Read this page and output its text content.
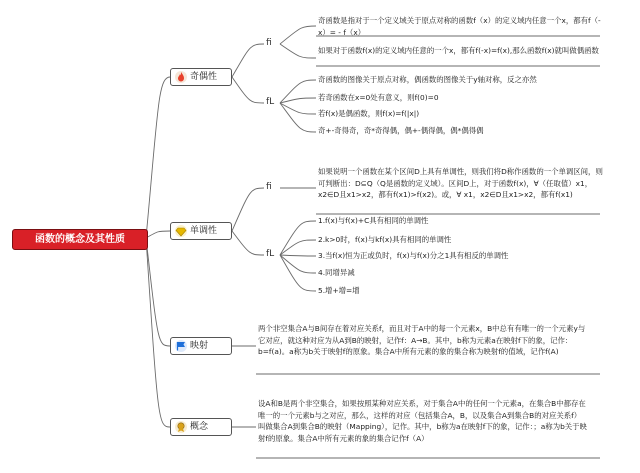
函数的概念及其性质
奇偶性
fi
fL
奇函数是指对于一个定义域关于原点对称的函数f（x）的定义域内任意一个x，都有f（-x）= - f（x）
如果对于函数f(x)的定义域内任意的一个x，都有f(-x)=f(x),那么函数f(x)就叫做偶函数
奇函数的图像关于原点对称，偶函数的图像关于y轴对称，反之亦然
若奇函数在x=0处有意义，则f(0)=0
若f(x)是偶函数，则f(x)=f(|x|)
奇+-奇得奇，奇*奇得偶，偶+-偶得偶，偶*偶得偶
单调性
fi
fL
如果说明一个函数在某个区间D上具有单调性，则我们将D称作函数的一个单调区间，则可判断出：D⊆Q（Q是函数的定义域）。区间D上，对于函数f(x)，∀（任取值）x1，x2∈D且x1>x2，都有f(x1)>f(x2)。或，∀ x1，x2∈D且x1>x2，都有f(x1)
1.f(x)与f(x)+C具有相同的单调性
2.k>0时，f(x)与kf(x)具有相同的单调性
3.当f(x)恒为正或负时，f(x)与f(x)分之1具有相反的单调性
4.同增异减
5.增+增=增
映射
两个非空集合A与B间存在着对应关系f，而且对于A中的每一个元素x，B中总有有唯一的一个元素y与它对应，就这种对应为从A到B的映射，记作f：A→B。其中，b称为元素a在映射f下的象，记作：b=f(a)。a称为b关于映射f的原象。集合A中所有元素的象的集合称为映射f的值域，记作f(A)
概念
设A和B是两个非空集合，如果按照某种对应关系，对于集合A中的任何一个元素a，在集合B中都存在唯一的一个元素b与之对应，那么，这样的对应（包括集合A，B，以及集合A到集合B的对应关系f）叫做集合A到集合B的映射（Mapping），记作。其中，b称为a在映射f下的象，记作：；a称为b关于映射f的原象。集合A中所有元素的象的集合记作f（A）
